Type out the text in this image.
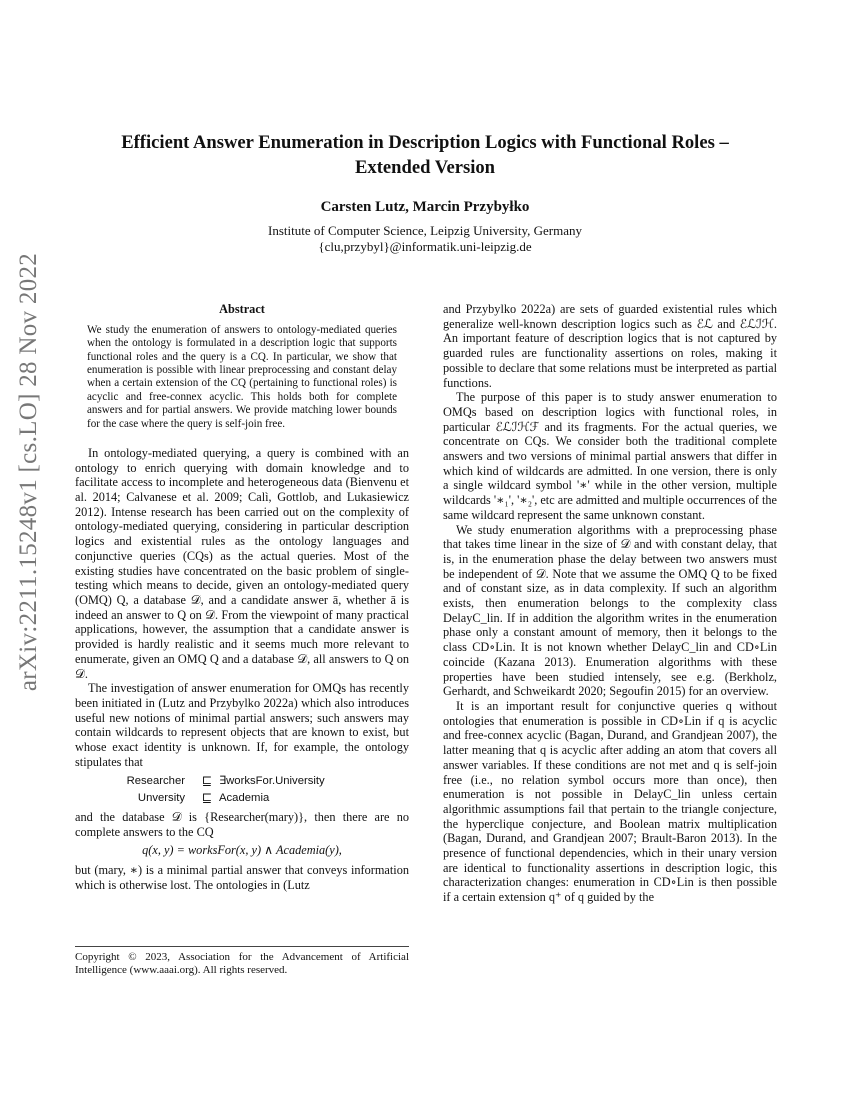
arXiv:2211.15248v1 [cs.LO] 28 Nov 2022
Efficient Answer Enumeration in Description Logics with Functional Roles –
Extended Version
Carsten Lutz, Marcin Przybyłko
Institute of Computer Science, Leipzig University, Germany
{clu,przybyl}@informatik.uni-leipzig.de
Abstract
We study the enumeration of answers to ontology-mediated queries when the ontology is formulated in a description logic that supports functional roles and the query is a CQ. In particular, we show that enumeration is possible with linear preprocessing and constant delay when a certain extension of the CQ (pertaining to functional roles) is acyclic and free-connex acyclic. This holds both for complete answers and for partial answers. We provide matching lower bounds for the case where the query is self-join free.

In ontology-mediated querying, a query is combined with an ontology to enrich querying with domain knowledge and to facilitate access to incomplete and heterogeneous data (Bienvenu et al. 2014; Calvanese et al. 2009; Calì, Gottlob, and Lukasiewicz 2012). Intense research has been carried out on the complexity of ontology-mediated querying, considering in particular description logics and existential rules as the ontology languages and conjunctive queries (CQs) as the actual queries. Most of the existing studies have concentrated on the basic problem of single-testing which means to decide, given an ontology-mediated query (OMQ) Q, a database 𝒟, and a candidate answer ā, whether ā is indeed an answer to Q on 𝒟. From the viewpoint of many practical applications, however, the assumption that a candidate answer is provided is hardly realistic and it seems much more relevant to enumerate, given an OMQ Q and a database 𝒟, all answers to Q on 𝒟.

The investigation of answer enumeration for OMQs has recently been initiated in (Lutz and Przybylko 2022a) which also introduces useful new notions of minimal partial answers; such answers may contain wildcards to represent objects that are known to exist, but whose exact identity is unknown. If, for example, the ontology stipulates that

Researcher	⊑ ∃worksFor.University
Unversity	⊑ Academia

and the database 𝒟 is {Researcher(mary)}, then there are no complete answers to the CQ

q(x, y) = worksFor(x, y) ∧ Academia(y),

but (mary, ∗) is a minimal partial answer that conveys information which is otherwise lost. The ontologies in (Lutz

Copyright © 2023, Association for the Advancement of Artificial Intelligence (www.aaai.org). All rights reserved.

and Przybylko 2022a) are sets of guarded existential rules which generalize well-known description logics such as ℰℒ and ℰℒℐℋ. An important feature of description logics that is not captured by guarded rules are functionality assertions on roles, making it possible to declare that some relations must be interpreted as partial functions.

The purpose of this paper is to study answer enumeration to OMQs based on description logics with functional roles, in particular ℰℒℐℋℱ and its fragments. For the actual queries, we concentrate on CQs. We consider both the traditional complete answers and two versions of minimal partial answers that differ in which kind of wildcards are admitted. In one version, there is only a single wildcard symbol '∗' while in the other version, multiple wildcards '∗₁', '∗₂', etc are admitted and multiple occurrences of the same wildcard represent the same unknown constant.

We study enumeration algorithms with a preprocessing phase that takes time linear in the size of 𝒟 and with constant delay, that is, in the enumeration phase the delay between two answers must be independent of 𝒟. Note that we assume the OMQ Q to be fixed and of constant size, as in data complexity. If such an algorithm exists, then enumeration belongs to the complexity class DelayC_lin. If in addition the algorithm writes in the enumeration phase only a constant amount of memory, then it belongs to the class CD∘Lin. It is not known whether DelayC_lin and CD∘Lin coincide (Kazana 2013). Enumeration algorithms with these properties have been studied intensely, see e.g. (Berkholz, Gerhardt, and Schweikardt 2020; Segoufin 2015) for an overview.

It is an important result for conjunctive queries q without ontologies that enumeration is possible in CD∘Lin if q is acyclic and free-connex acyclic (Bagan, Durand, and Grandjean 2007), the latter meaning that q is acyclic after adding an atom that covers all answer variables. If these conditions are not met and q is self-join free (i.e., no relation symbol occurs more than once), then enumeration is not possible in DelayC_lin unless certain algorithmic assumptions fail that pertain to the triangle conjecture, the hyperclique conjecture, and Boolean matrix multiplication (Bagan, Durand, and Grandjean 2007; Brault-Baron 2013). In the presence of functional dependencies, which in their unary version are identical to functionality assertions in description logic, this characterization changes: enumeration in CD∘Lin is then possible if a certain extension q⁺ of q guided by the
